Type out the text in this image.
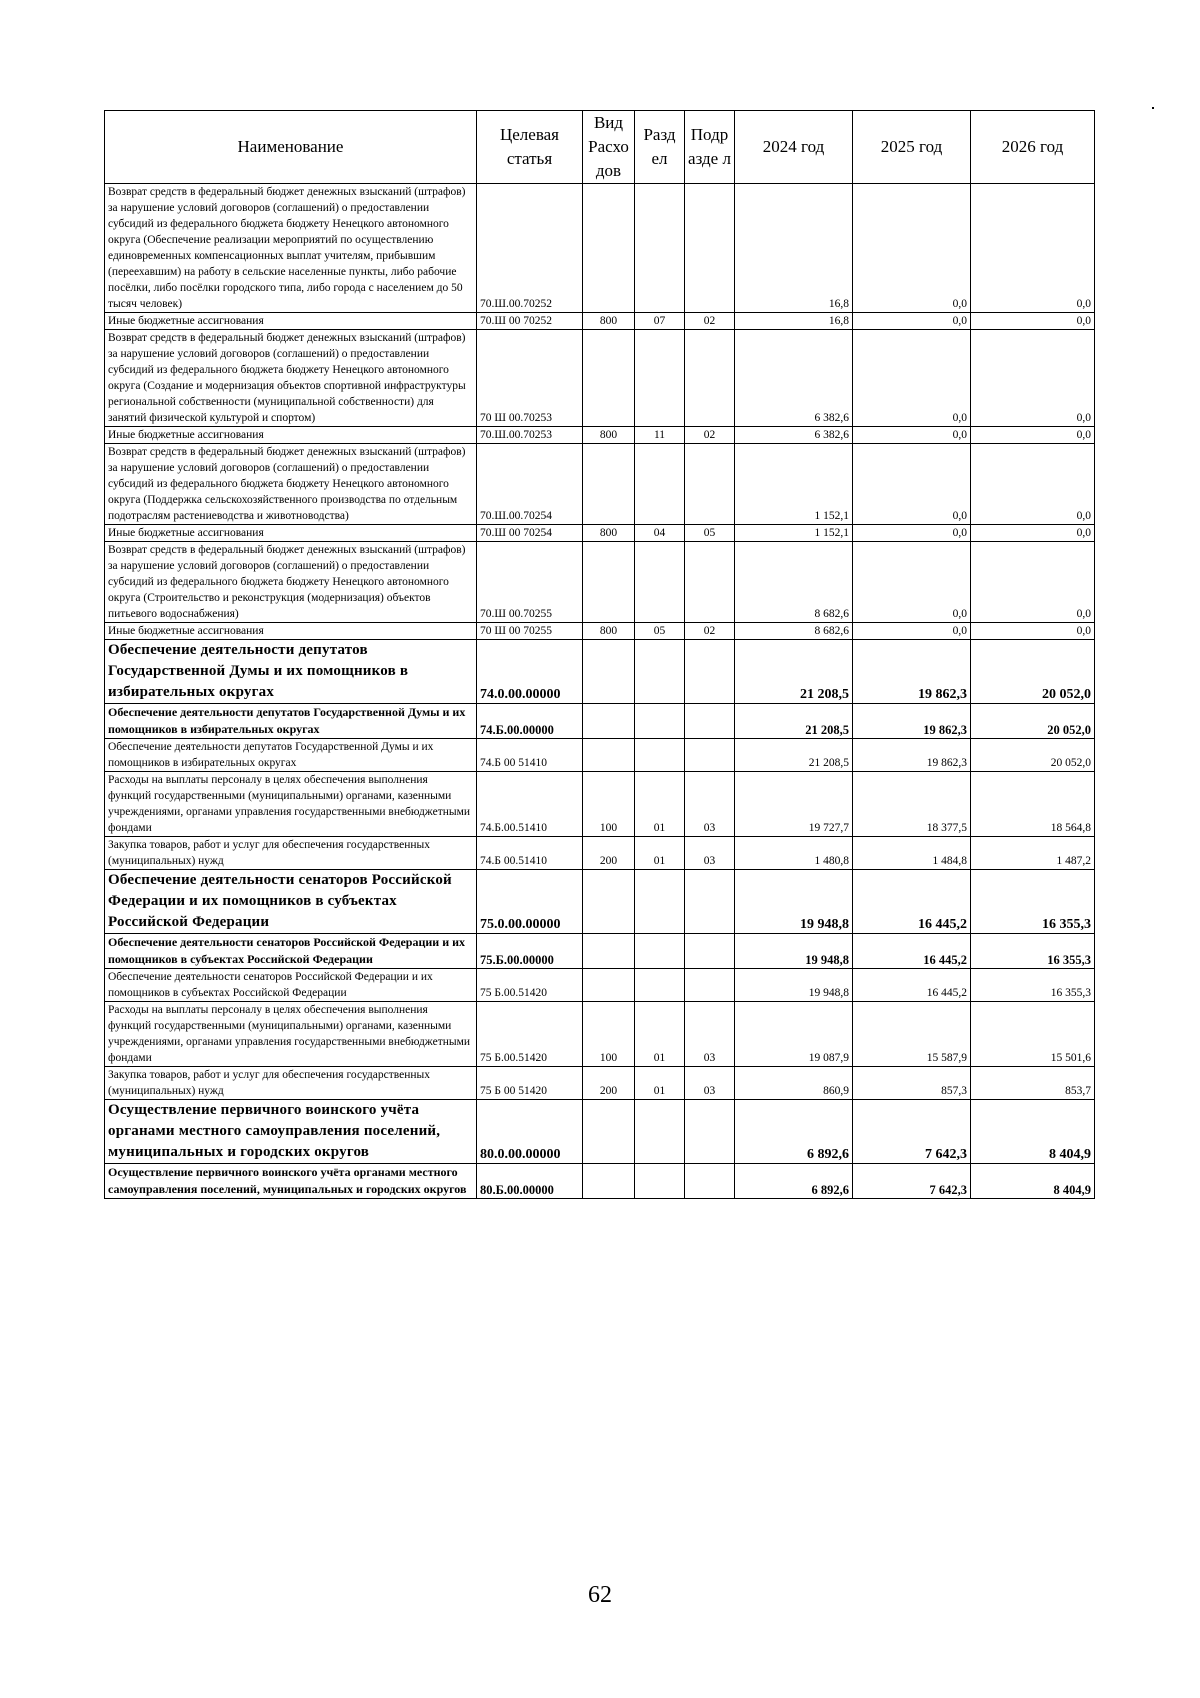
Наименование	Целевая статья	Вид Расхо дов	Разд ел	Подр азде л	2024 год	2025 год	2026 год
Возврат средств в федеральный бюджет денежных взысканий (штрафов) за нарушение условий договоров (соглашений) о предоставлении субсидий из федерального бюджета бюджету Ненецкого автономного округа (Обеспечение реализации мероприятий по осуществлению единовременных компенсационных выплат учителям, прибывшим (переехавшим) на работу в сельские населенные пункты, либо рабочие посёлки, либо посёлки городского типа, либо города с населением до 50 тысяч человек)	70.Ш.00.70252				16,8	0,0	0,0
Иные бюджетные ассигнования	70.Ш 00 70252	800	07	02	16,8	0,0	0,0
Возврат средств в федеральный бюджет денежных взысканий (штрафов) за нарушение условий договоров (соглашений) о предоставлении субсидий из федерального бюджета бюджету Ненецкого автономного округа (Создание и модернизация объектов спортивной инфраструктуры региональной собственности (муниципальной собственности) для занятий физической культурой и спортом)	70 Ш 00.70253				6 382,6	0,0	0,0
Иные бюджетные ассигнования	70.Ш.00.70253	800	11	02	6 382,6	0,0	0,0
Возврат средств в федеральный бюджет денежных взысканий (штрафов) за нарушение условий договоров (соглашений) о предоставлении субсидий из федерального бюджета бюджету Ненецкого автономного округа (Поддержка сельскохозяйственного производства по отдельным подотраслям растениеводства и животноводства)	70.Ш.00.70254				1 152,1	0,0	0,0
Иные бюджетные ассигнования	70.Ш 00 70254	800	04	05	1 152,1	0,0	0,0
Возврат средств в федеральный бюджет денежных взысканий (штрафов) за нарушение условий договоров (соглашений) о предоставлении субсидий из федерального бюджета бюджету Ненецкого автономного округа (Строительство и реконструкция (модернизация) объектов питьевого водоснабжения)	70.Ш 00.70255				8 682,6	0,0	0,0
Иные бюджетные ассигнования	70 Ш 00 70255	800	05	02	8 682,6	0,0	0,0
Обеспечение деятельности депутатов Государственной Думы и их помощников в избирательных округах	74.0.00.00000				21 208,5	19 862,3	20 052,0
Обеспечение деятельности депутатов Государственной Думы и их помощников в избирательных округах	74.Б.00.00000				21 208,5	19 862,3	20 052,0
Обеспечение деятельности депутатов Государственной Думы и их помощников в избирательных округах	74.Б 00 51410				21 208,5	19 862,3	20 052,0
Расходы на выплаты персоналу в целях обеспечения выполнения функций государственными (муниципальными) органами, казенными учреждениями, органами управления государственными внебюджетными фондами	74.Б.00.51410	100	01	03	19 727,7	18 377,5	18 564,8
Закупка товаров, работ и услуг для обеспечения государственных (муниципальных) нужд	74.Б 00.51410	200	01	03	1 480,8	1 484,8	1 487,2
Обеспечение деятельности сенаторов Российской Федерации и их помощников в субъектах Российской Федерации	75.0.00.00000				19 948,8	16 445,2	16 355,3
Обеспечение деятельности сенаторов Российской Федерации и их помощников в субъектах Российской Федерации	75.Б.00.00000				19 948,8	16 445,2	16 355,3
Обеспечение деятельности сенаторов Российской Федерации и их помощников в субъектах Российской Федерации	75 Б.00.51420				19 948,8	16 445,2	16 355,3
Расходы на выплаты персоналу в целях обеспечения выполнения функций государственными (муниципальными) органами, казенными учреждениями, органами управления государственными внебюджетными фондами	75 Б.00.51420	100	01	03	19 087,9	15 587,9	15 501,6
Закупка товаров, работ и услуг для обеспечения государственных (муниципальных) нужд	75 Б 00 51420	200	01	03	860,9	857,3	853,7
Осуществление первичного воинского учёта органами местного самоуправления поселений, муниципальных и городских округов	80.0.00.00000				6 892,6	7 642,3	8 404,9
Осуществление первичного воинского учёта органами местного самоуправления поселений, муниципальных и городских округов	80.Б.00.00000				6 892,6	7 642,3	8 404,9
62
